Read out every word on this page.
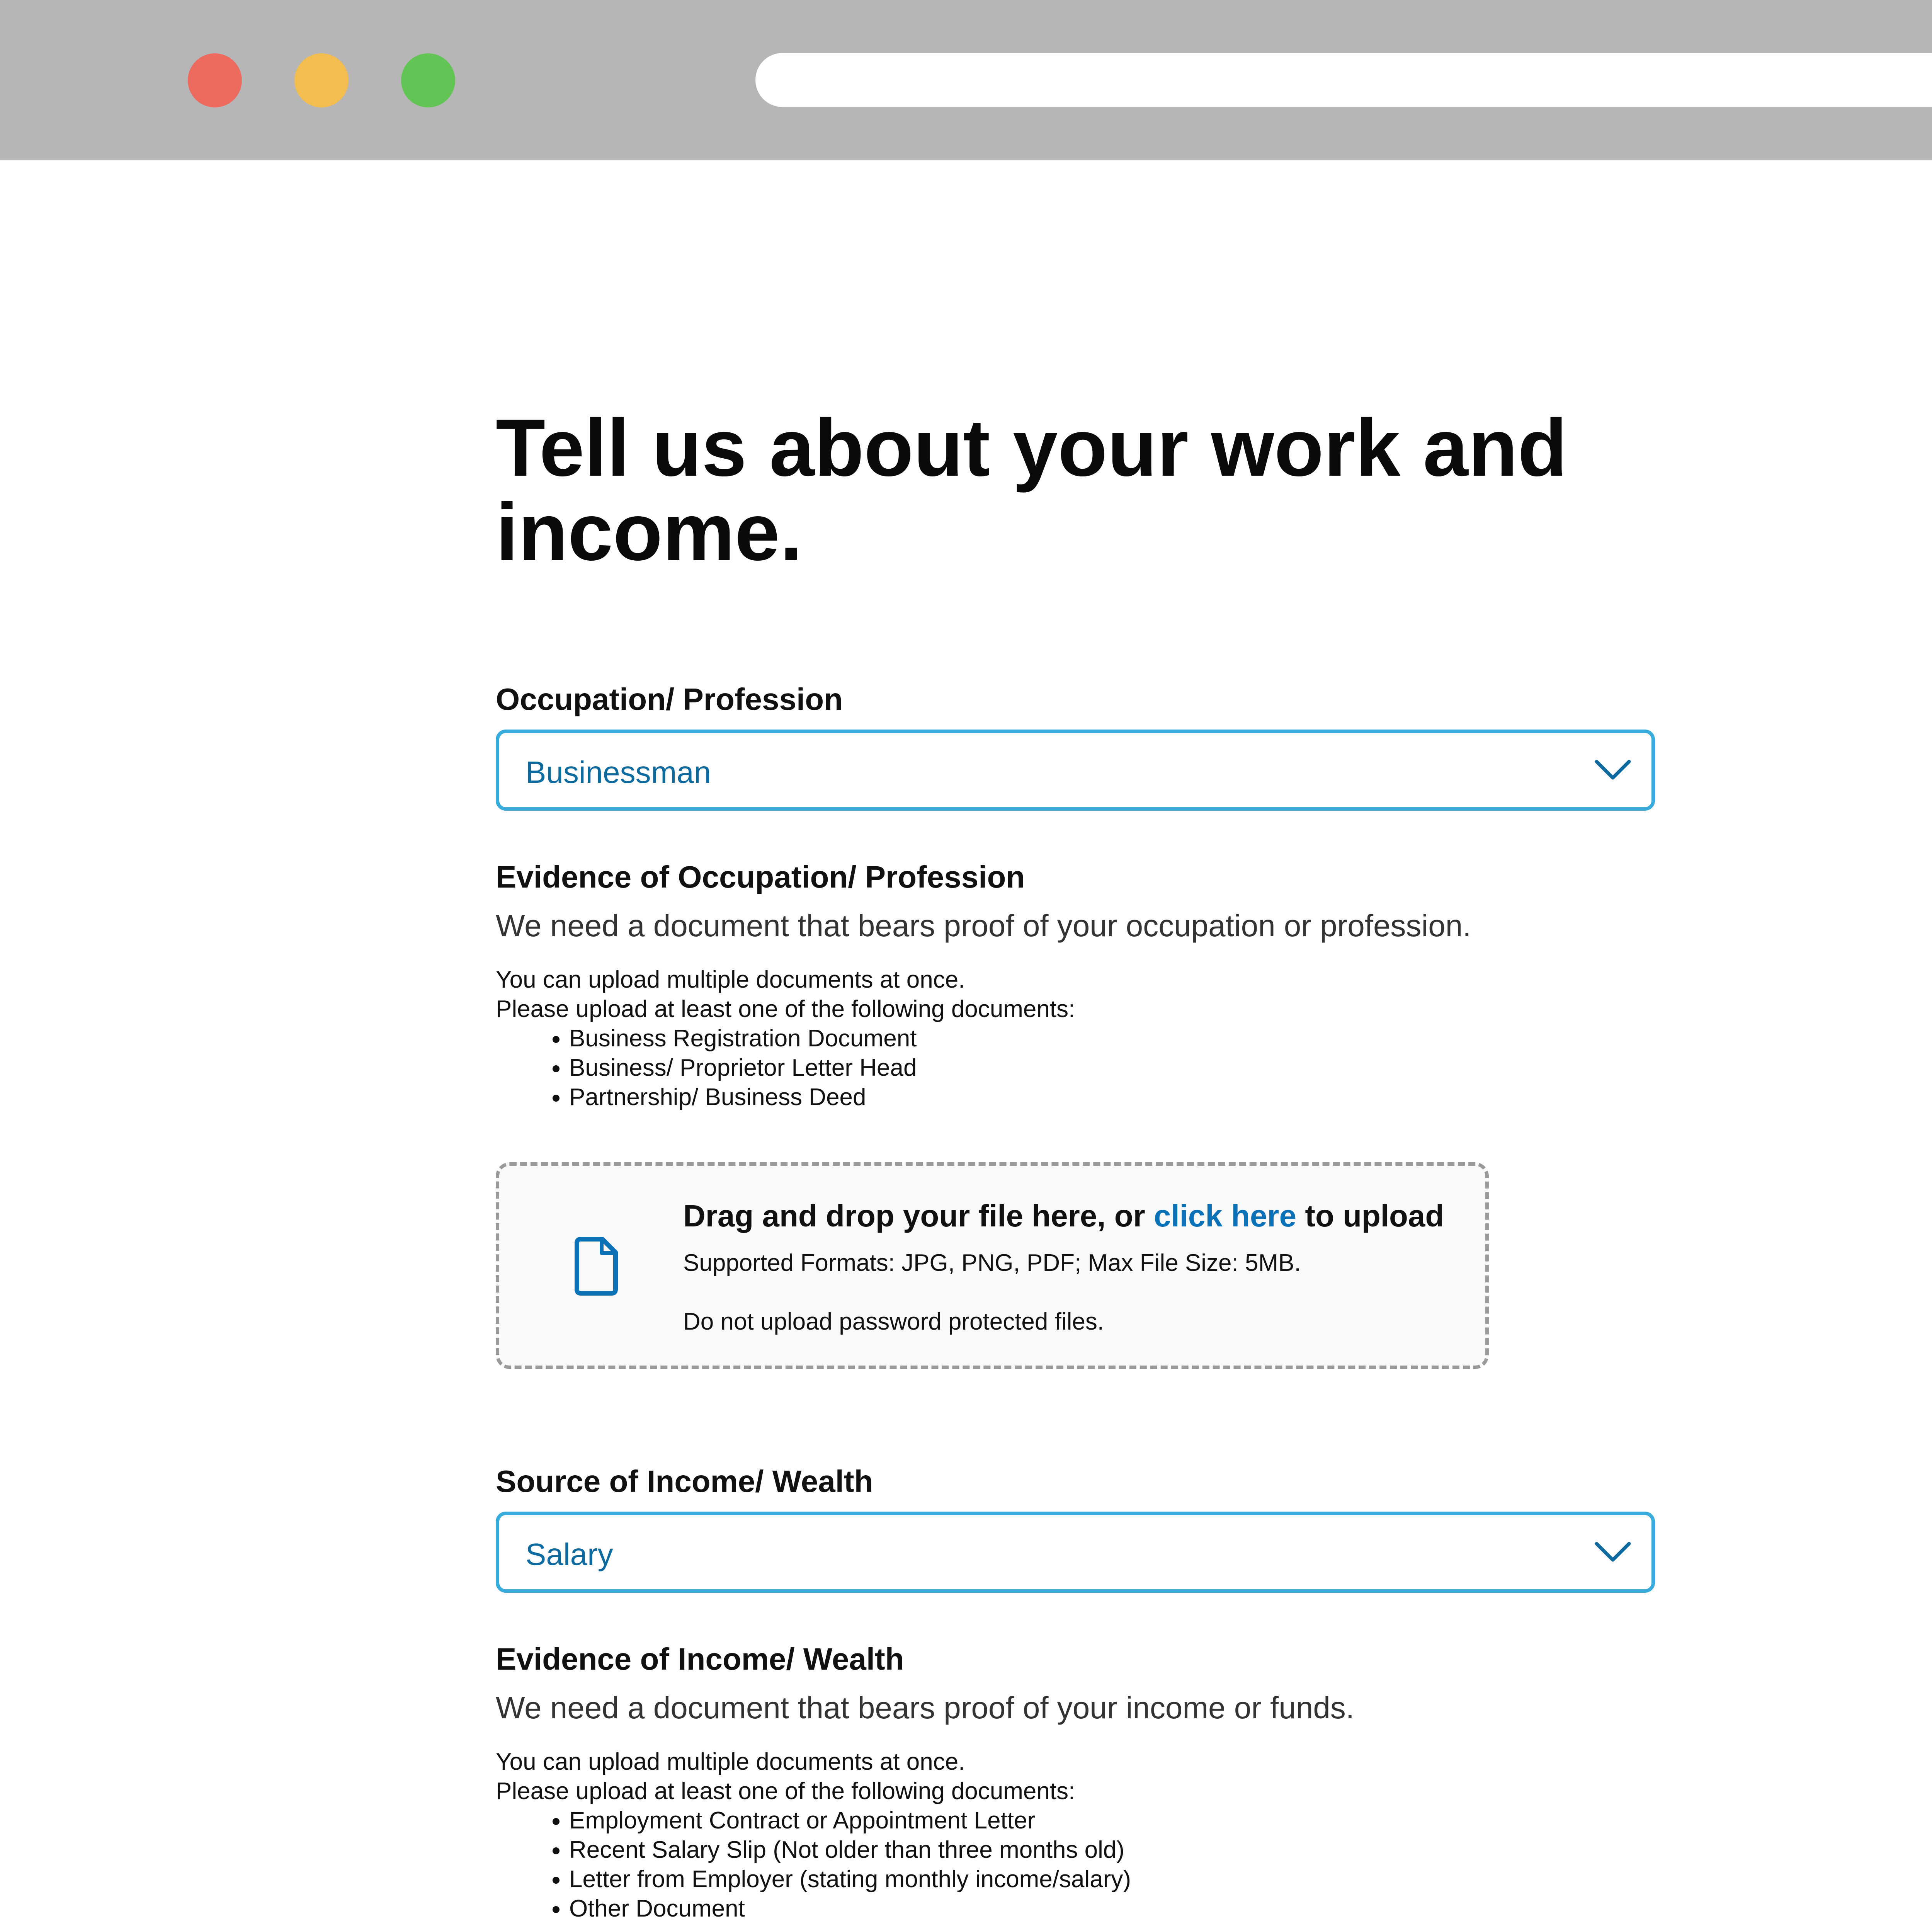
Tell us about your work and income.
Occupation/ Profession
Businessman
Evidence of Occupation/ Profession
We need a document that bears proof of your occupation or profession.
You can upload multiple documents at once.
Please upload at least one of the following documents:
• Business Registration Document
• Business/ Proprietor Letter Head
• Partnership/ Business Deed
Drag and drop your file here, or click here to upload
Supported Formats: JPG, PNG, PDF; Max File Size: 5MB.
Do not upload password protected files.
Source of Income/ Wealth
Salary
Evidence of Income/ Wealth
We need a document that bears proof of your income or funds.
You can upload multiple documents at once.
Please upload at least one of the following documents:
• Employment Contract or Appointment Letter
• Recent Salary Slip (Not older than three months old)
• Letter from Employer (stating monthly income/salary)
• Other Document
